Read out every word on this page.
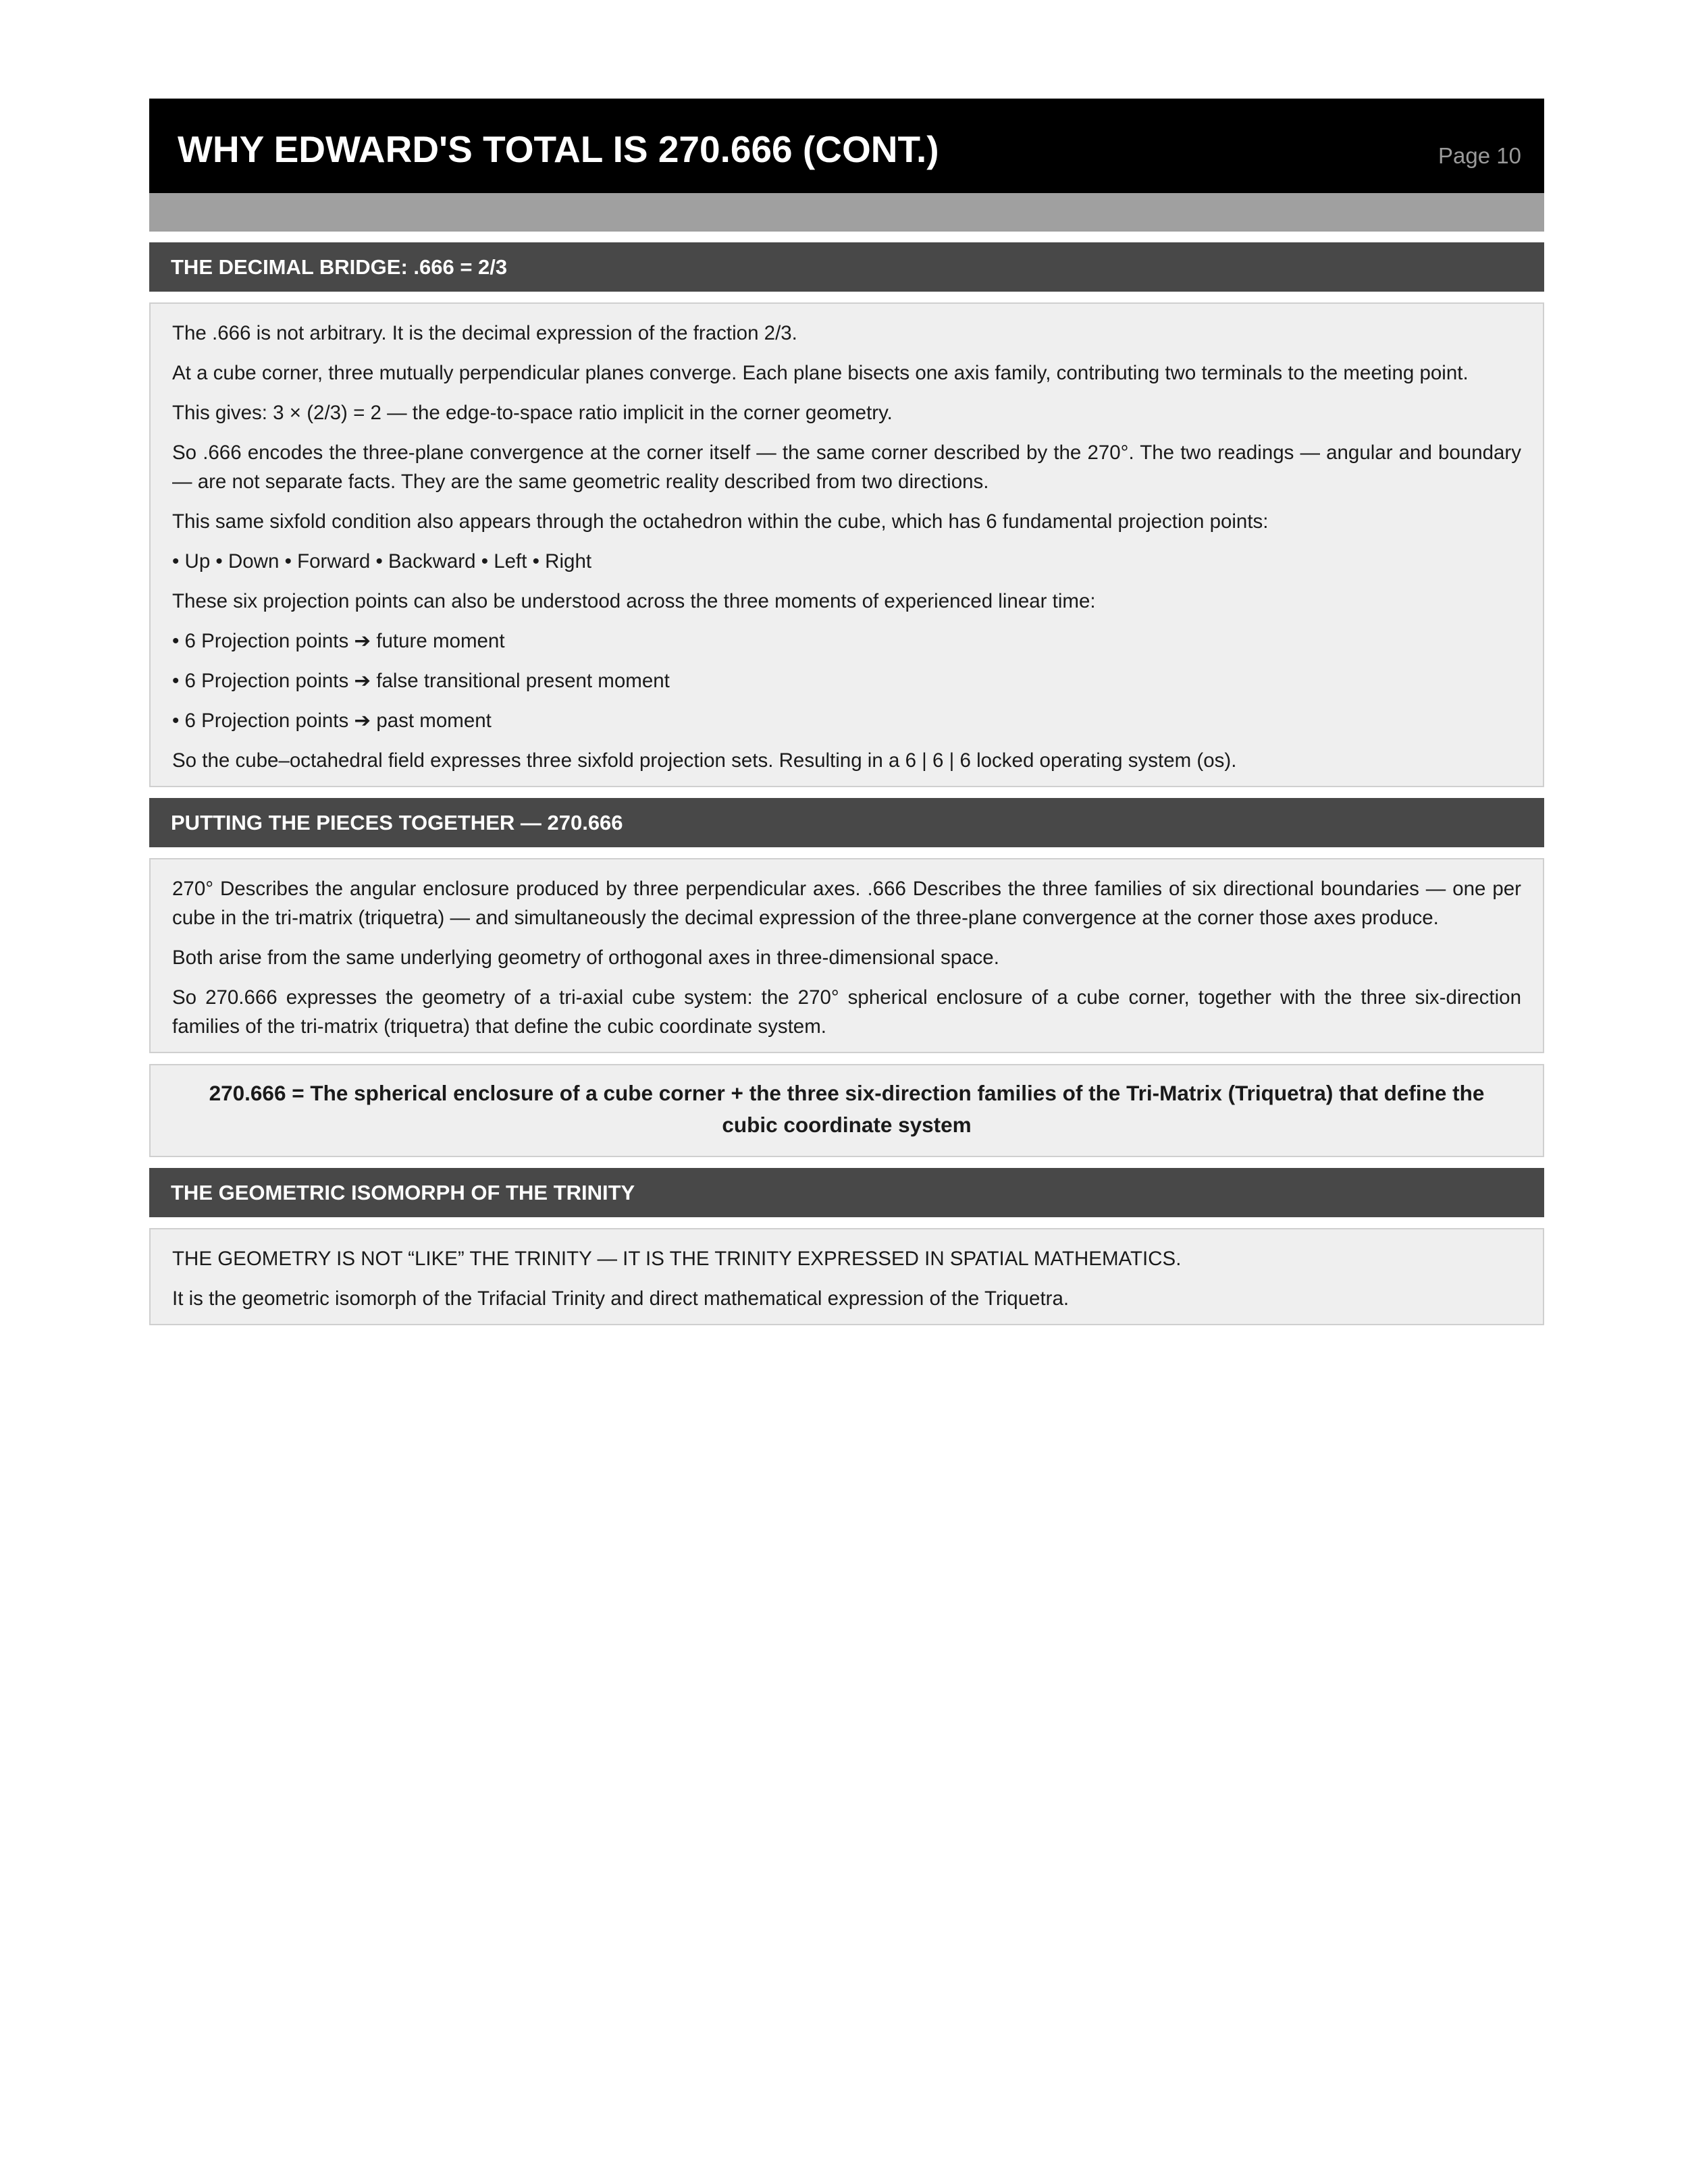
WHY EDWARD'S TOTAL IS 270.666 (CONT.)	Page 10
THE DECIMAL BRIDGE: .666 = 2/3

The .666 is not arbitrary. It is the decimal expression of the fraction 2/3.

At a cube corner, three mutually perpendicular planes converge. Each plane bisects one axis family, contributing two terminals to the meeting point.

This gives: 3 × (2/3) = 2 — the edge-to-space ratio implicit in the corner geometry.

So .666 encodes the three-plane convergence at the corner itself — the same corner described by the 270°. The two readings — angular and boundary — are not separate facts. They are the same geometric reality described from two directions.

This same sixfold condition also appears through the octahedron within the cube, which has 6 fundamental projection points:

• Up • Down • Forward • Backward • Left • Right

These six projection points can also be understood across the three moments of experienced linear time:

• 6 Projection points ➔ future moment

• 6 Projection points ➔ false transitional present moment

• 6 Projection points ➔ past moment

So the cube–octahedral field expresses three sixfold projection sets. Resulting in a 6 | 6 | 6 locked operating system (os).

PUTTING THE PIECES TOGETHER — 270.666

270° Describes the angular enclosure produced by three perpendicular axes. .666 Describes the three families of six directional boundaries — one per cube in the tri-matrix (triquetra) — and simultaneously the decimal expression of the three-plane convergence at the corner those axes produce.

Both arise from the same underlying geometry of orthogonal axes in three-dimensional space.

So 270.666 expresses the geometry of a tri-axial cube system: the 270° spherical enclosure of a cube corner, together with the three six-direction families of the tri-matrix (triquetra) that define the cubic coordinate system.

270.666 = The spherical enclosure of a cube corner + the three six-direction families of the Tri-Matrix (Triquetra) that define the cubic coordinate system
THE GEOMETRIC ISOMORPH OF THE TRINITY

THE GEOMETRY IS NOT “LIKE” THE TRINITY — IT IS THE TRINITY EXPRESSED IN SPATIAL MATHEMATICS.

It is the geometric isomorph of the Trifacial Trinity and direct mathematical expression of the Triquetra.
